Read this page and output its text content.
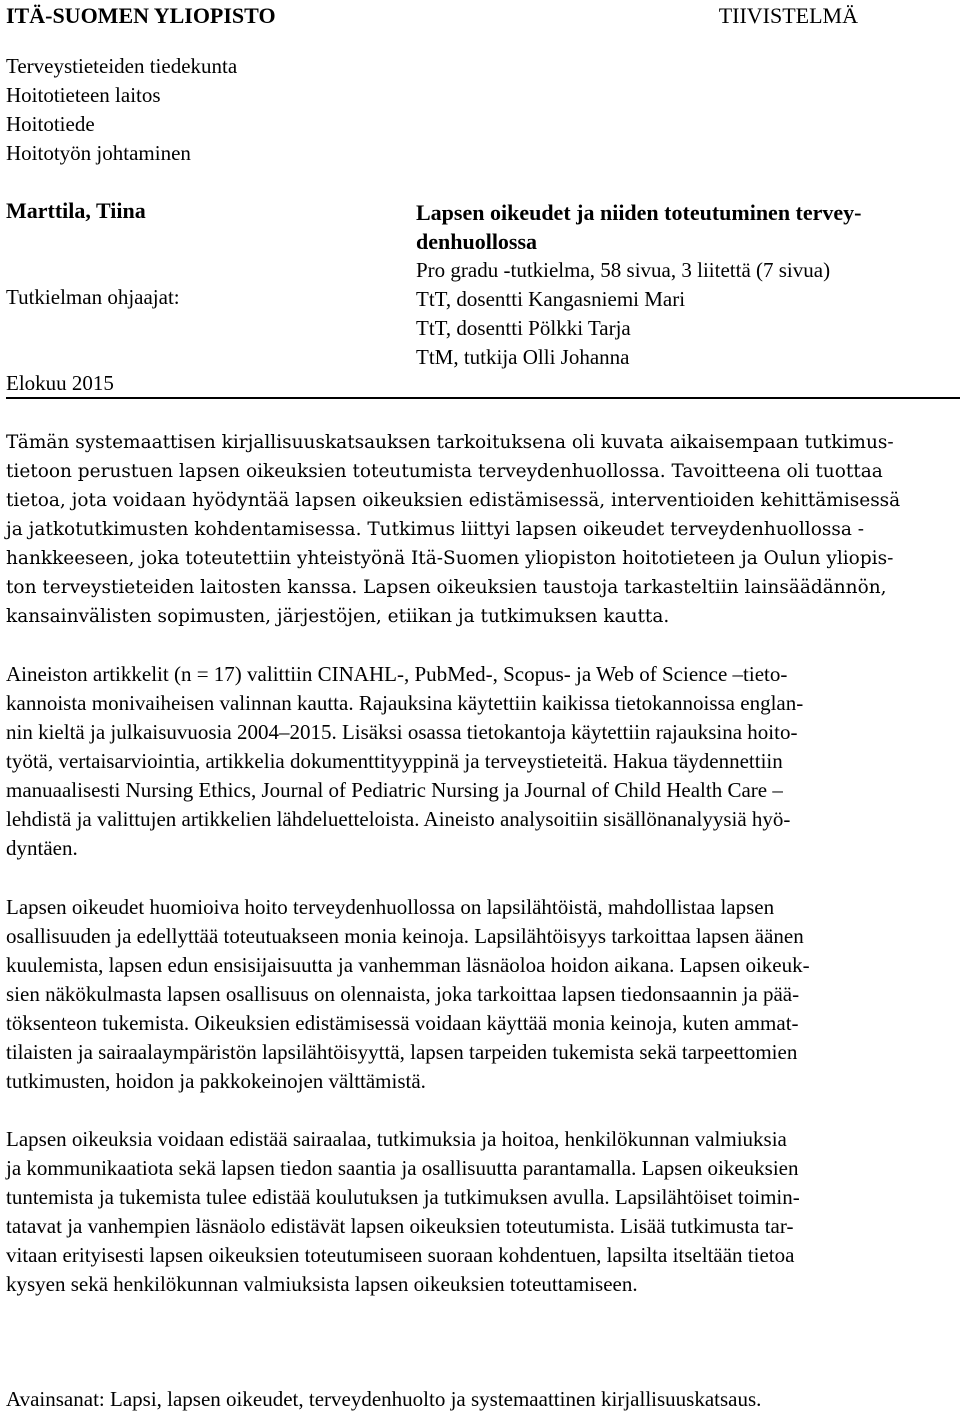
ITÄ-SUOMEN YLIOPISTO	TIIVISTELMÄ
Terveystieteiden tiedekunta
Hoitotieteen laitos
Hoitotiede
Hoitotyön johtaminen
Marttila, Tiina
Tutkielman ohjaajat:
Elokuu 2015
Lapsen oikeudet ja niiden toteutuminen tervey-
denhuollossa
Pro gradu -tutkielma, 58 sivua, 3 liitettä (7 sivua)
TtT, dosentti Kangasniemi Mari
TtT, dosentti Pölkki Tarja
TtM, tutkija Olli Johanna
Tämän systemaattisen kirjallisuuskatsauksen tarkoituksena oli kuvata aikaisempaan tutkimus-
tietoon perustuen lapsen oikeuksien toteutumista terveydenhuollossa. Tavoitteena oli tuottaa
tietoa, jota voidaan hyödyntää lapsen oikeuksien edistämisessä, interventioiden kehittämisessä
ja jatkotutkimusten kohdentamisessa. Tutkimus liittyi lapsen oikeudet terveydenhuollossa -
hankkeeseen, joka toteutettiin yhteistyönä Itä-Suomen yliopiston hoitotieteen ja Oulun yliopis-
ton terveystieteiden laitosten kanssa. Lapsen oikeuksien taustoja tarkasteltiin lainsäädännön,
kansainvälisten sopimusten, järjestöjen, etiikan ja tutkimuksen kautta.
Aineiston artikkelit (n = 17) valittiin CINAHL-, PubMed-, Scopus- ja Web of Science –tieto-
kannoista monivaiheisen valinnan kautta. Rajauksina käytettiin kaikissa tietokannoissa englan-
nin kieltä ja julkaisuvuosia 2004–2015. Lisäksi osassa tietokantoja käytettiin rajauksina hoito-
työtä, vertaisarviointia, artikkelia dokumenttityyppinä ja terveystieteitä. Hakua täydennettiin
manuaalisesti Nursing Ethics, Journal of Pediatric Nursing ja Journal of Child Health Care –
lehdistä ja valittujen artikkelien lähdeluetteloista. Aineisto analysoitiin sisällönanalyysiä hyö-
dyntäen.
Lapsen oikeudet huomioiva hoito terveydenhuollossa on lapsilähtöistä, mahdollistaa lapsen
osallisuuden ja edellyttää toteutuakseen monia keinoja. Lapsilähtöisyys tarkoittaa lapsen äänen
kuulemista, lapsen edun ensisijaisuutta ja vanhemman läsnäoloa hoidon aikana. Lapsen oikeuk-
sien näkökulmasta lapsen osallisuus on olennaista, joka tarkoittaa lapsen tiedonsaannin ja pää-
töksenteon tukemista. Oikeuksien edistämisessä voidaan käyttää monia keinoja, kuten ammat-
tilaisten ja sairaalaympäristön lapsilähtöisyyttä, lapsen tarpeiden tukemista sekä tarpeettomien
tutkimusten, hoidon ja pakkokeinojen välttämistä.
Lapsen oikeuksia voidaan edistää sairaalaa, tutkimuksia ja hoitoa, henkilökunnan valmiuksia
ja kommunikaatiota sekä lapsen tiedon saantia ja osallisuutta parantamalla. Lapsen oikeuksien
tuntemista ja tukemista tulee edistää koulutuksen ja tutkimuksen avulla. Lapsilähtöiset toimin-
tatavat ja vanhempien läsnäolo edistävät lapsen oikeuksien toteutumista. Lisää tutkimusta tar-
vitaan erityisesti lapsen oikeuksien toteutumiseen suoraan kohdentuen, lapsilta itseltään tietoa
kysyen sekä henkilökunnan valmiuksista lapsen oikeuksien toteuttamiseen.
Avainsanat: Lapsi, lapsen oikeudet, terveydenhuolto ja systemaattinen kirjallisuuskatsaus.
